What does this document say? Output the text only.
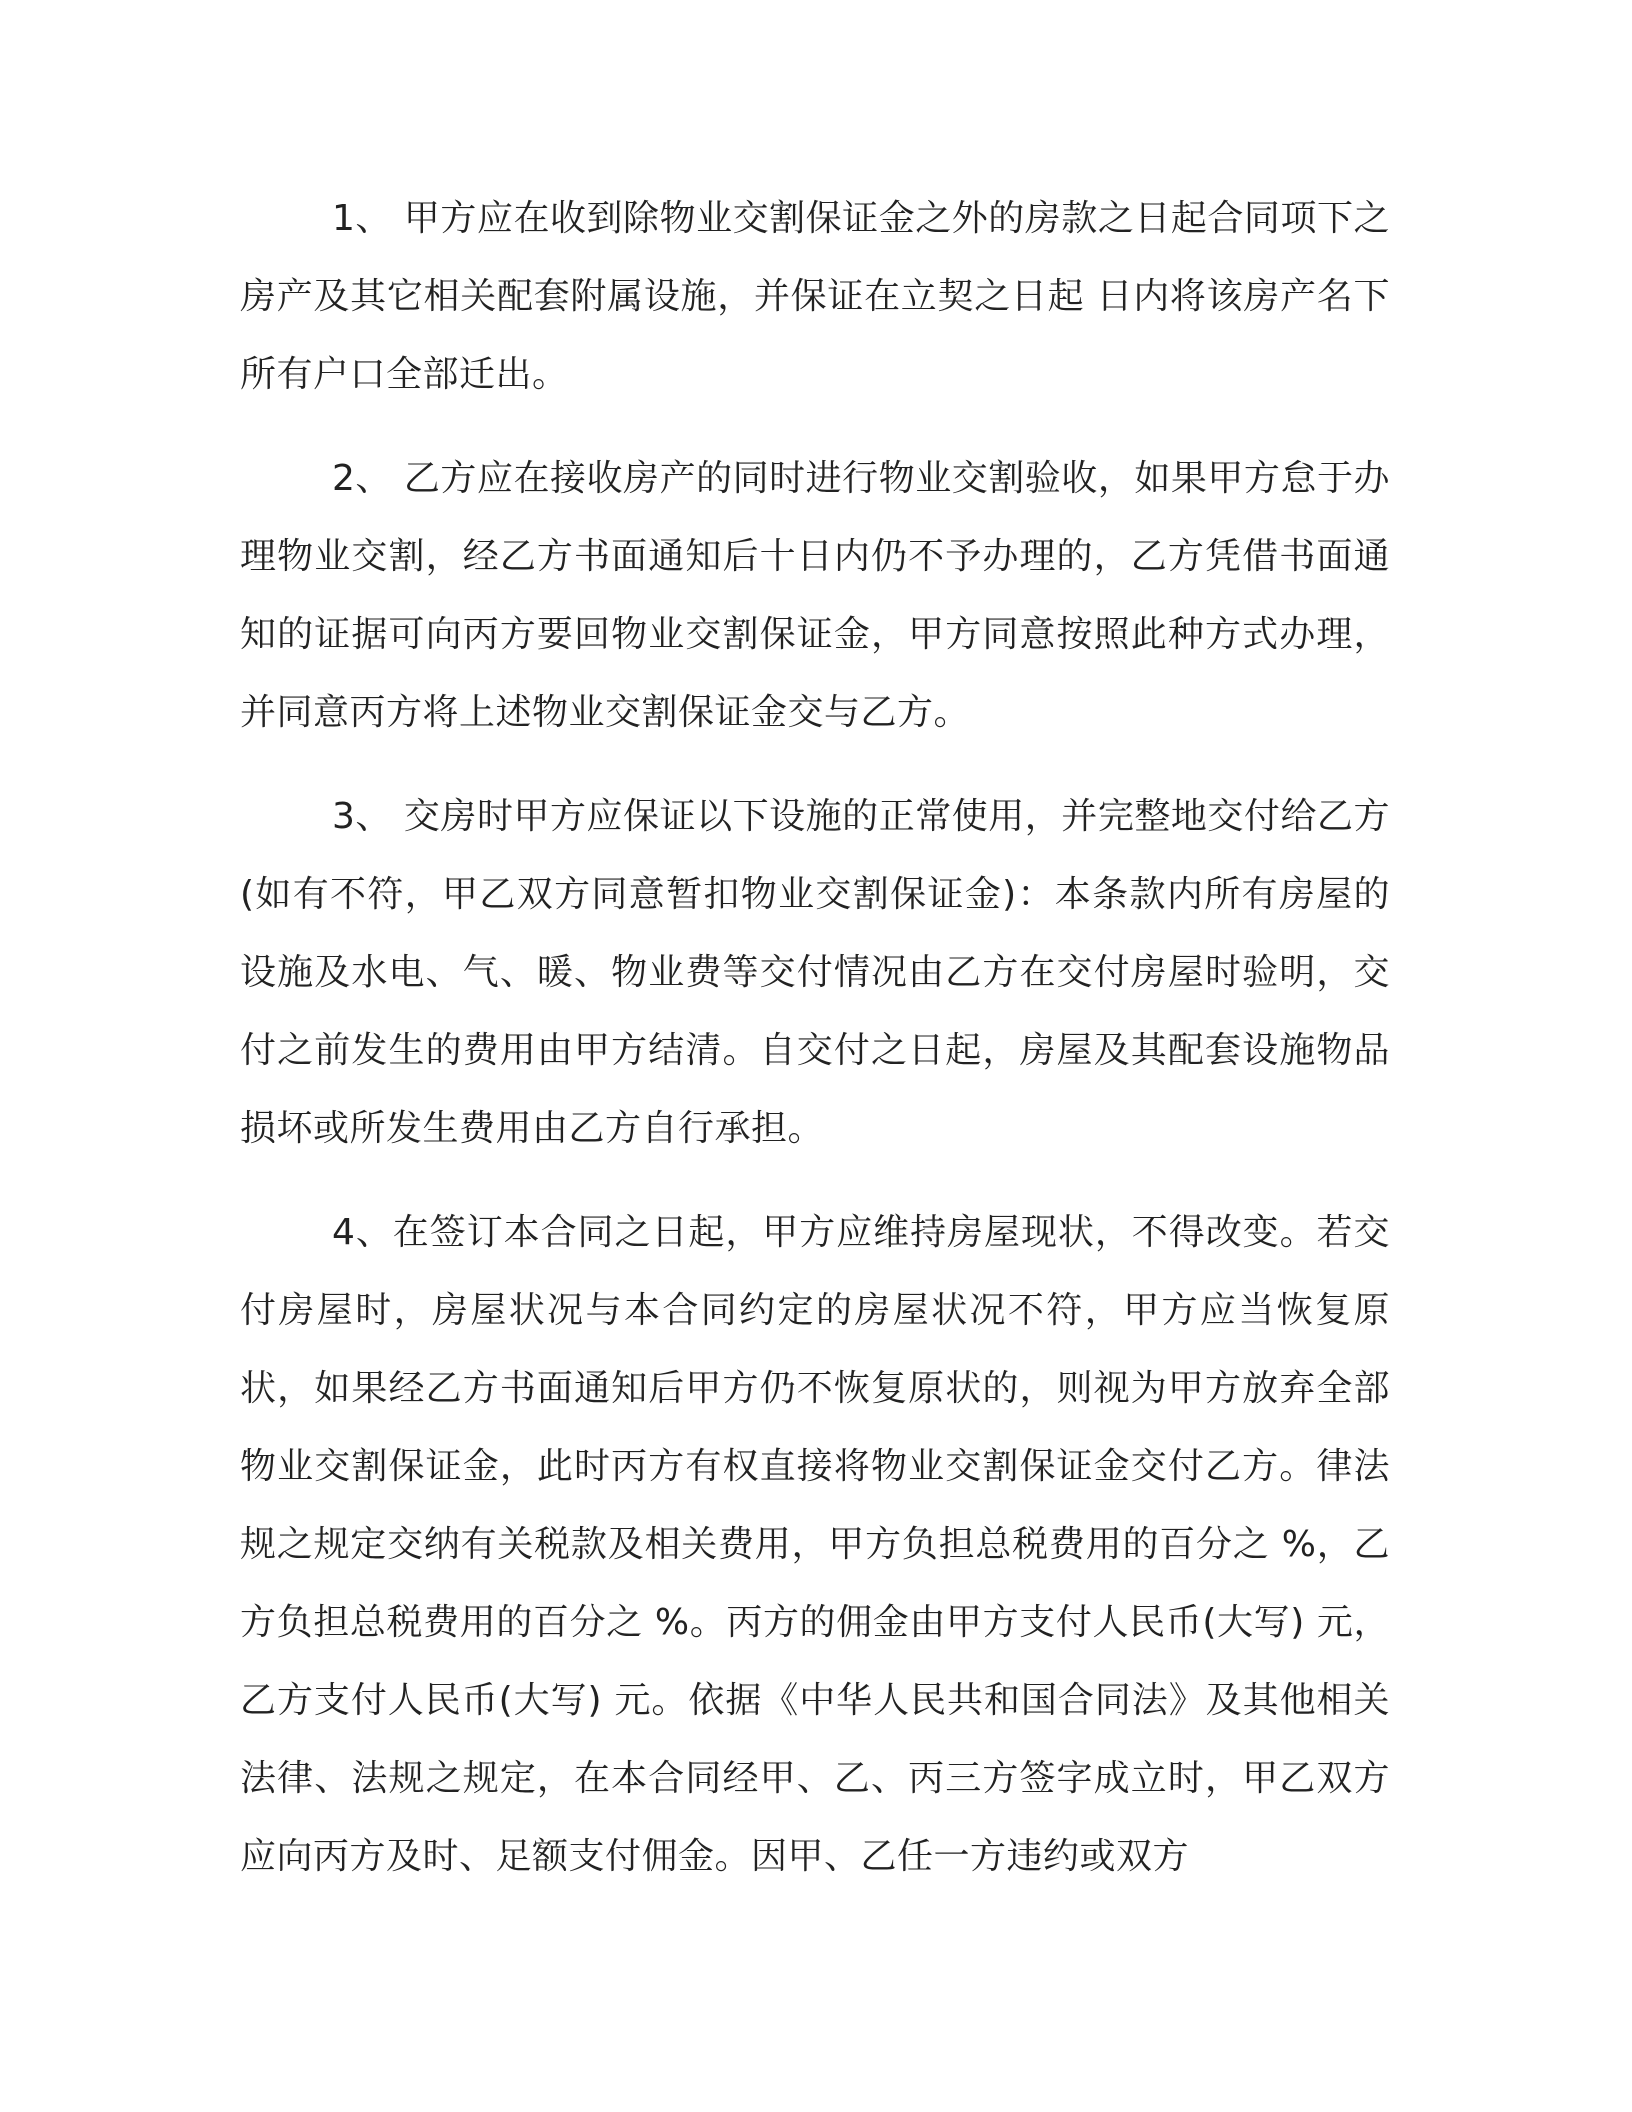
1、 甲方应在收到除物业交割保证金之外的房款之日起合同项下之房产及其它相关配套附属设施，并保证在立契之日起 日内将该房产名下所有户口全部迁出。

2、 乙方应在接收房产的同时进行物业交割验收，如果甲方怠于办理物业交割，经乙方书面通知后十日内仍不予办理的，乙方凭借书面通知的证据可向丙方要回物业交割保证金，甲方同意按照此种方式办理，并同意丙方将上述物业交割保证金交与乙方。

3、 交房时甲方应保证以下设施的正常使用，并完整地交付给乙方(如有不符，甲乙双方同意暂扣物业交割保证金)：本条款内所有房屋的设施及水电、气、暖、物业费等交付情况由乙方在交付房屋时验明，交付之前发生的费用由甲方结清。自交付之日起，房屋及其配套设施物品损坏或所发生费用由乙方自行承担。

4、在签订本合同之日起，甲方应维持房屋现状，不得改变。若交付房屋时，房屋状况与本合同约定的房屋状况不符，甲方应当恢复原状，如果经乙方书面通知后甲方仍不恢复原状的，则视为甲方放弃全部物业交割保证金，此时丙方有权直接将物业交割保证金交付乙方。律法规之规定交纳有关税款及相关费用，甲方负担总税费用的百分之 %，乙方负担总税费用的百分之 %。丙方的佣金由甲方支付人民币(大写) 元，乙方支付人民币(大写) 元。依据《中华人民共和国合同法》及其他相关法律、法规之规定，在本合同经甲、乙、丙三方签字成立时，甲乙双方应向丙方及时、足额支付佣金。因甲、乙任一方违约或双方
